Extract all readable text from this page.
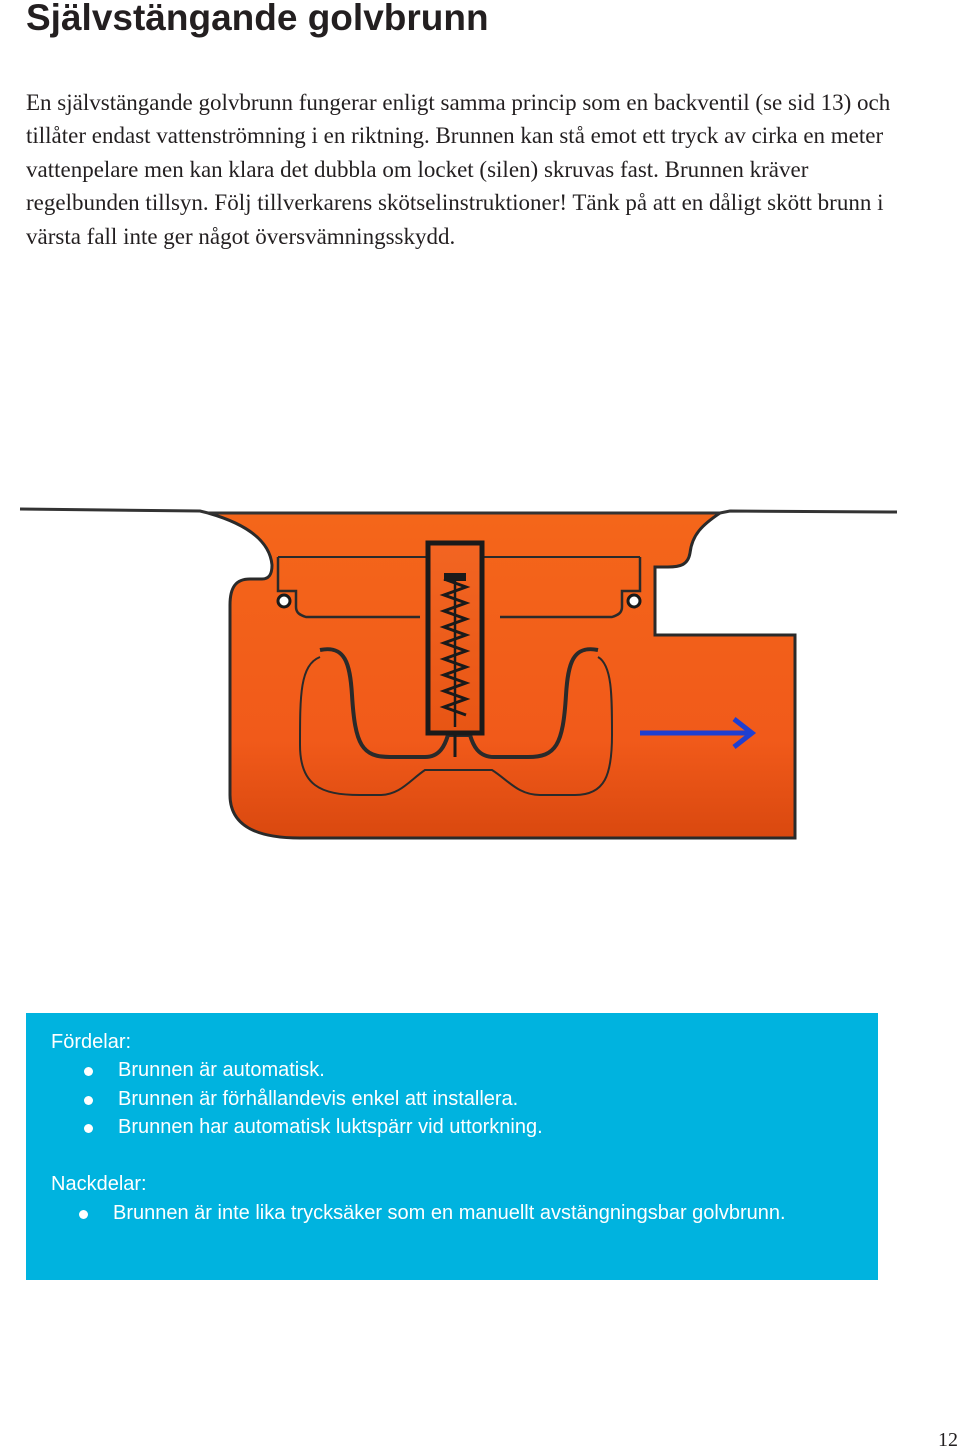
Självstängande golvbrunn

En självstängande golvbrunn fungerar enligt samma princip som en backventil (se sid 13) och tillåter endast vattenströmning i en riktning. Brunnen kan stå emot ett tryck av cirka en meter vattenpelare men kan klara det dubbla om locket (silen) skruvas fast. Brunnen kräver regelbunden tillsyn. Följ tillverkarens skötselinstruktioner! Tänk på att en dåligt skött brunn i värsta fall inte ger något översvämningsskydd.

Fördelar:

Brunnen är automatisk.
Brunnen är förhållandevis enkel att installera.
Brunnen har automatisk luktspärr vid uttorkning.

Nackdelar:

Brunnen är inte lika trycksäker som en manuellt avstängningsbar golvbrunn.
12
